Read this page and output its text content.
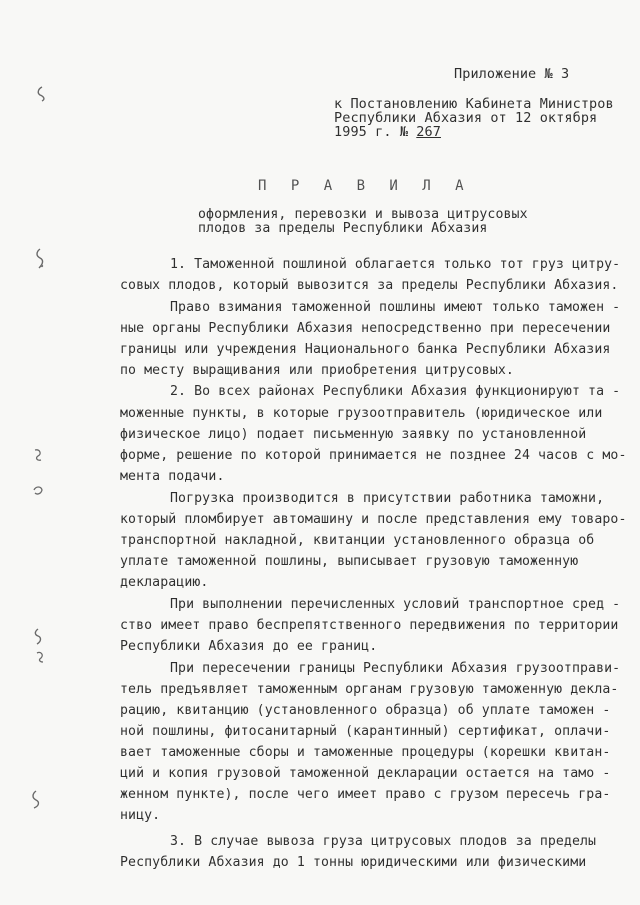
Приложение № 3
к Постановлению Кабинета Министров
Республики Абхазия от 12 октября
1995 г. № 267
П Р А В И Л А
оформления, перевозки и вывоза цитрусовых
плодов за пределы Республики Абхазия
1. Таможенной пошлиной облагается только тот груз цитру-
совых плодов, который вывозится за пределы Республики Абхазия.
Право взимания таможенной пошлины имеют только таможен -
ные органы Республики Абхазия непосредственно при пересечении
границы или учреждения Национального банка Республики Абхазия
по месту выращивания или приобретения цитрусовых.
2. Во всех районах Республики Абхазия функционируют та -
моженные пункты, в которые грузоотправитель (юридическое или
физическое лицо) подает письменную заявку по установленной
форме, решение по которой принимается не позднее 24 часов с мо-
мента подачи.
Погрузка производится в присутствии работника таможни,
который пломбирует автомашину и после представления ему товаро-
транспортной накладной, квитанции установленного образца об
уплате таможенной пошлины, выписывает грузовую таможенную
декларацию.
При выполнении перечисленных условий транспортное сред -
ство имеет право беспрепятственного передвижения по территории
Республики Абхазия до ее границ.
При пересечении границы Республики Абхазия грузоотправи-
тель предъявляет таможенным органам грузовую таможенную декла-
рацию, квитанцию (установленного образца) об уплате таможен -
ной пошлины, фитосанитарный (карантинный) сертификат, оплачи-
вает таможенные сборы и таможенные процедуры (корешки квитан-
ций и копия грузовой таможенной декларации остается на тамо -
женном пункте), после чего имеет право с грузом пересечь гра-
ницу.
3. В случае вывоза груза цитрусовых плодов за пределы
Республики Абхазия до 1 тонны юридическими или физическими
